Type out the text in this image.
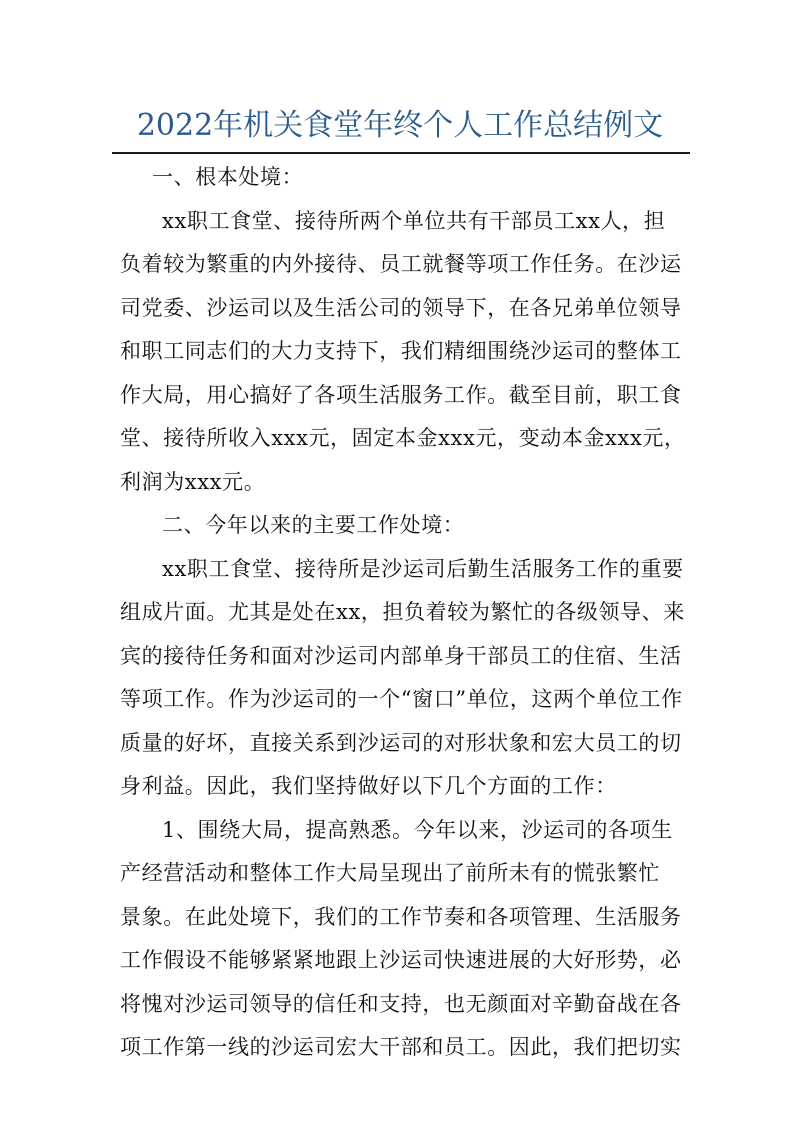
2022年机关食堂年终个人工作总结例文
一、根本处境：
xx职工食堂、接待所两个单位共有干部员工xx人，担
负着较为繁重的内外接待、员工就餐等项工作任务。在沙运
司党委、沙运司以及生活公司的领导下，在各兄弟单位领导
和职工同志们的大力支持下，我们精细围绕沙运司的整体工
作大局，用心搞好了各项生活服务工作。截至目前，职工食
堂、接待所收入xxx元，固定本金xxx元，变动本金xxx元，
利润为xxx元。
二、今年以来的主要工作处境：
xx职工食堂、接待所是沙运司后勤生活服务工作的重要
组成片面。尤其是处在xx，担负着较为繁忙的各级领导、来
宾的接待任务和面对沙运司内部单身干部员工的住宿、生活
等项工作。作为沙运司的一个“窗口”单位，这两个单位工作
质量的好坏，直接关系到沙运司的对形状象和宏大员工的切
身利益。因此，我们坚持做好以下几个方面的工作：
1、围绕大局，提高熟悉。今年以来，沙运司的各项生
产经营活动和整体工作大局呈现出了前所未有的慌张繁忙
景象。在此处境下，我们的工作节奏和各项管理、生活服务
工作假设不能够紧紧地跟上沙运司快速进展的大好形势，必
将愧对沙运司领导的信任和支持，也无颜面对辛勤奋战在各
项工作第一线的沙运司宏大干部和员工。因此，我们把切实
